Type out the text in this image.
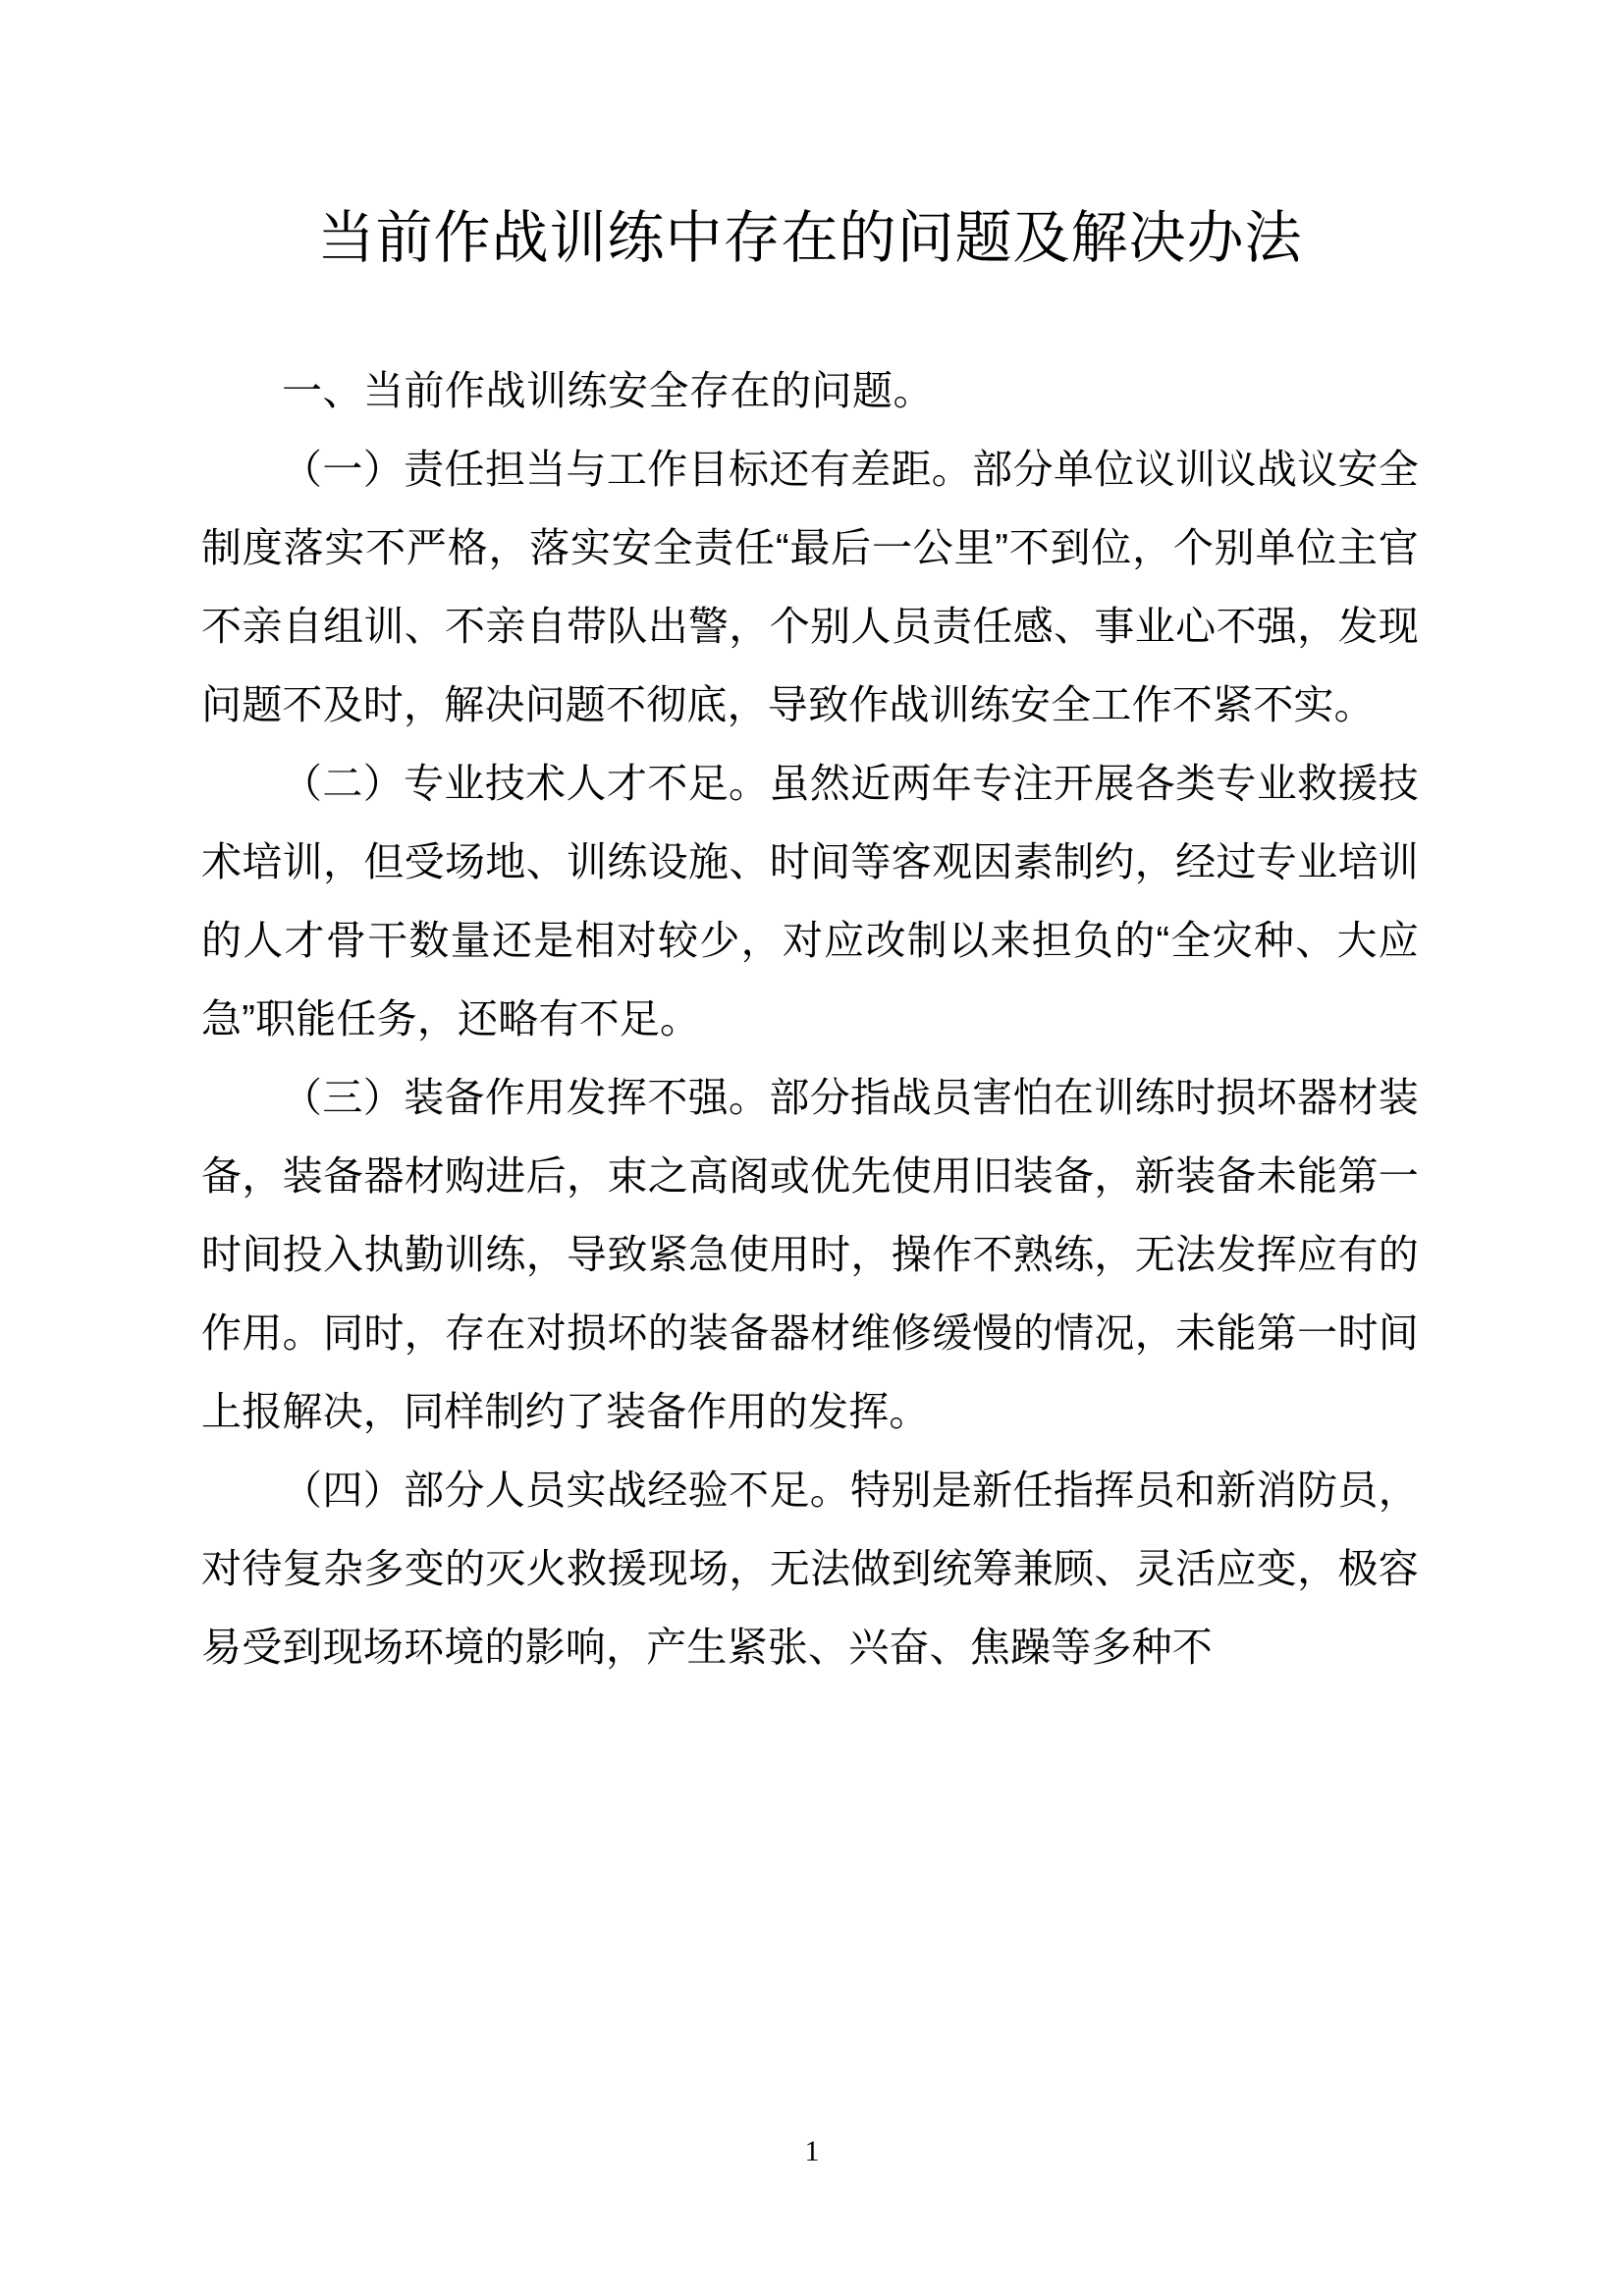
当前作战训练中存在的问题及解决办法

一、当前作战训练安全存在的问题。

（一）责任担当与工作目标还有差距。部分单位议训议战议安全制度落实不严格，落实安全责任“最后一公里”不到位，个别单位主官不亲自组训、不亲自带队出警，个别人员责任感、事业心不强，发现问题不及时，解决问题不彻底，导致作战训练安全工作不紧不实。

（二）专业技术人才不足。虽然近两年专注开展各类专业救援技术培训，但受场地、训练设施、时间等客观因素制约，经过专业培训的人才骨干数量还是相对较少，对应改制以来担负的“全灾种、大应急”职能任务，还略有不足。

（三）装备作用发挥不强。部分指战员害怕在训练时损坏器材装备，装备器材购进后，束之高阁或优先使用旧装备，新装备未能第一时间投入执勤训练，导致紧急使用时，操作不熟练，无法发挥应有的作用。同时，存在对损坏的装备器材维修缓慢的情况，未能第一时间上报解决，同样制约了装备作用的发挥。

（四）部分人员实战经验不足。特别是新任指挥员和新消防员，对待复杂多变的灭火救援现场，无法做到统筹兼顾、灵活应变，极容易受到现场环境的影响，产生紧张、兴奋、焦躁等多种不

1
